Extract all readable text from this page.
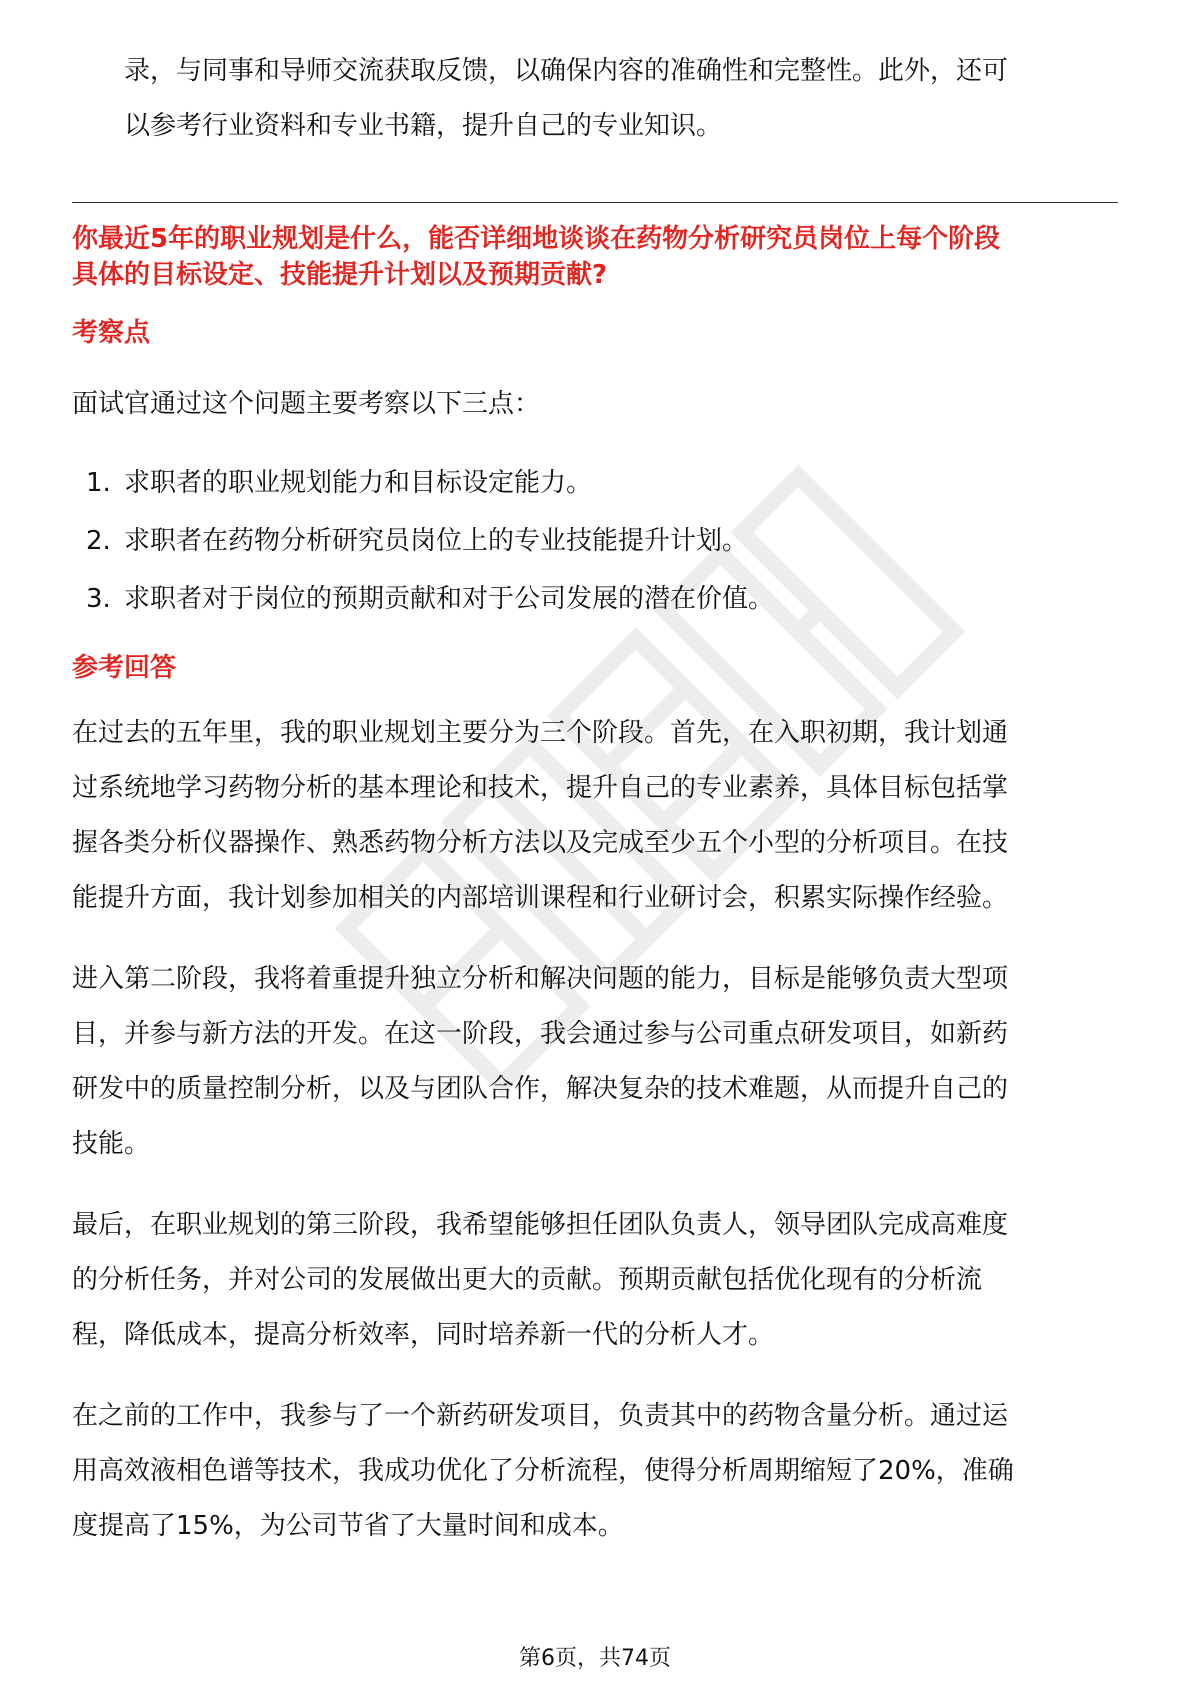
录，与同事和导师交流获取反馈，以确保内容的准确性和完整性。此外，还可

以参考行业资料和专业书籍，提升自己的专业知识。

你最近5年的职业规划是什么，能否详细地谈谈在药物分析研究员岗位上每个阶段
具体的目标设定、技能提升计划以及预期贡献?
考察点

面试官通过这个问题主要考察以下三点：

1. 求职者的职业规划能力和目标设定能力。
2. 求职者在药物分析研究员岗位上的专业技能提升计划。
3. 求职者对于岗位的预期贡献和对于公司发展的潜在价值。
参考回答

在过去的五年里，我的职业规划主要分为三个阶段。首先，在入职初期，我计划通

过系统地学习药物分析的基本理论和技术，提升自己的专业素养，具体目标包括掌

握各类分析仪器操作、熟悉药物分析方法以及完成至少五个小型的分析项目。在技

能提升方面，我计划参加相关的内部培训课程和行业研讨会，积累实际操作经验。

进入第二阶段，我将着重提升独立分析和解决问题的能力，目标是能够负责大型项

目，并参与新方法的开发。在这一阶段，我会通过参与公司重点研发项目，如新药

研发中的质量控制分析，以及与团队合作，解决复杂的技术难题，从而提升自己的

技能。

最后，在职业规划的第三阶段，我希望能够担任团队负责人，领导团队完成高难度

的分析任务，并对公司的发展做出更大的贡献。预期贡献包括优化现有的分析流

程，降低成本，提高分析效率，同时培养新一代的分析人才。

在之前的工作中，我参与了一个新药研发项目，负责其中的药物含量分析。通过运

用高效液相色谱等技术，我成功优化了分析流程，使得分析周期缩短了20%，准确

度提高了15%，为公司节省了大量时间和成本。

第6页，共74页
